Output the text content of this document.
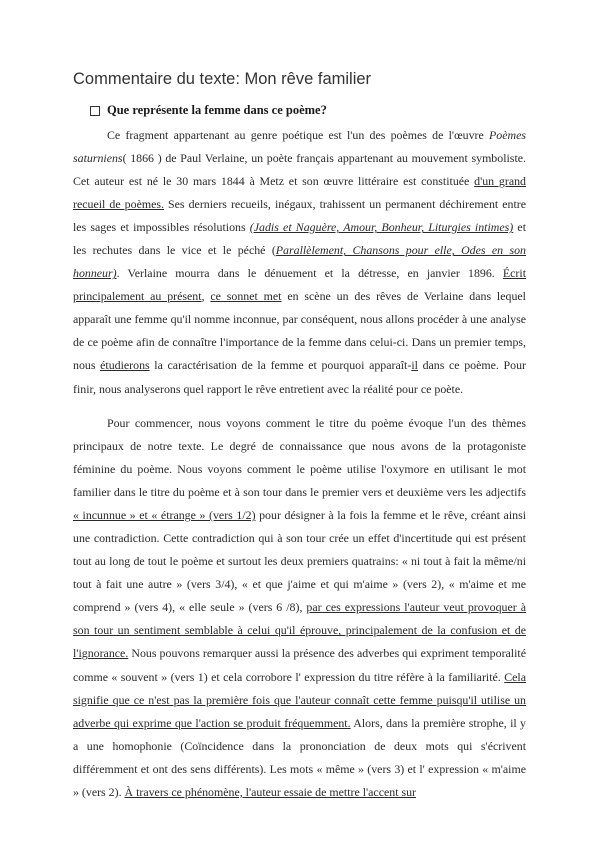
Commentaire du texte: Mon rêve familier
Que représente la femme dans ce poème?

Ce fragment appartenant au genre poétique est l'un des poèmes de l'œuvre Poèmes saturniens( 1866 ) de Paul Verlaine, un poète français appartenant au mouvement symboliste. Cet auteur est né le 30 mars 1844 à Metz et son œuvre littéraire est constituée d'un grand recueil de poèmes. Ses derniers recueils, inégaux, trahissent un permanent déchirement entre les sages et impossibles résolutions (Jadis et Naguère, Amour, Bonheur, Liturgies intimes) et les rechutes dans le vice et le péché (Parallèlement, Chansons pour elle, Odes en son honneur). Verlaine mourra dans le dénuement et la détresse, en janvier 1896. Écrit principalement au présent, ce sonnet met en scène un des rêves de Verlaine dans lequel apparaît une femme qu'il nomme inconnue, par conséquent, nous allons procéder à une analyse de ce poème afin de connaître l'importance de la femme dans celui-ci. Dans un premier temps, nous étudierons la caractérisation de la femme et pourquoi apparaît-il dans ce poème. Pour finir, nous analyserons quel rapport le rêve entretient avec la réalité pour ce poète.

Pour commencer, nous voyons comment le titre du poème évoque l'un des thèmes principaux de notre texte. Le degré de connaissance que nous avons de la protagoniste féminine du poème. Nous voyons comment le poème utilise l'oxymore en utilisant le mot familier dans le titre du poème et à son tour dans le premier vers et deuxième vers les adjectifs « incunnue » et « étrange » (vers 1/2) pour désigner à la fois la femme et le rêve, créant ainsi une contradiction. Cette contradiction qui à son tour crée un effet d'incertitude qui est présent tout au long de tout le poème et surtout les deux premiers quatrains: « ni tout à fait la même/ni tout à fait une autre » (vers 3/4), « et que j'aime et qui m'aime » (vers 2), « m'aime et me comprend » (vers 4), « elle seule » (vers 6 /8), par ces expressions l'auteur veut provoquer à son tour un sentiment semblable à celui qu'il éprouve, principalement de la confusion et de l'ignorance. Nous pouvons remarquer aussi la présence des adverbes qui expriment temporalité comme « souvent » (vers 1) et cela corrobore l' expression du titre réfère à la familiarité. Cela signifie que ce n'est pas la première fois que l'auteur connaît cette femme puisqu'il utilise un adverbe qui exprime que l'action se produit fréquemment. Alors, dans la première strophe, il y a une homophonie (Coïncidence dans la prononciation de deux mots qui s'écrivent différemment et ont des sens différents). Les mots « même » (vers 3) et l' expression « m'aime » (vers 2). À travers ce phénomène, l'auteur essaie de mettre l'accent sur
